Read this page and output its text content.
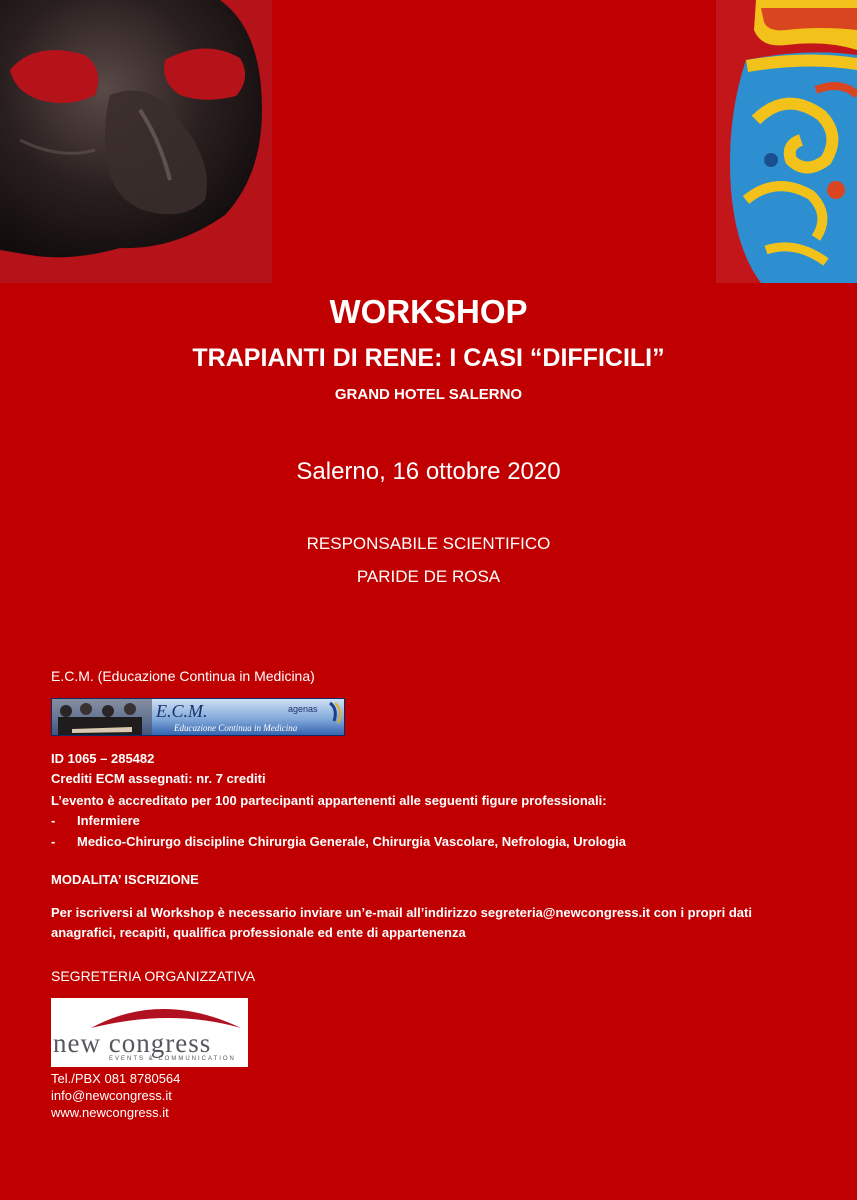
WORKSHOP
TRAPIANTI DI RENE: I CASI “DIFFICILI”
GRAND HOTEL SALERNO
Salerno, 16 ottobre 2020
RESPONSABILE SCIENTIFICO
PARIDE DE ROSA
E.C.M. (Educazione Continua in Medicina)
E.C.M.
Educazione Continua in Medicina
agenas
ID 1065 – 285482
Crediti ECM assegnati: nr. 7 crediti
L’evento è accreditato per 100 partecipanti appartenenti alle seguenti figure professionali:
- Infermiere
- Medico-Chirurgo discipline Chirurgia Generale, Chirurgia Vascolare, Nefrologia, Urologia
MODALITA’ ISCRIZIONE
Per iscriversi al Workshop è necessario inviare un’e-mail all’indirizzo segreteria@newcongress.it con i propri dati anagrafici, recapiti, qualifica professionale ed ente di appartenenza
SEGRETERIA ORGANIZZATIVA
new congress
EVENTS & COMMUNICATION
Tel./PBX 081 8780564
info@newcongress.it
www.newcongress.it
